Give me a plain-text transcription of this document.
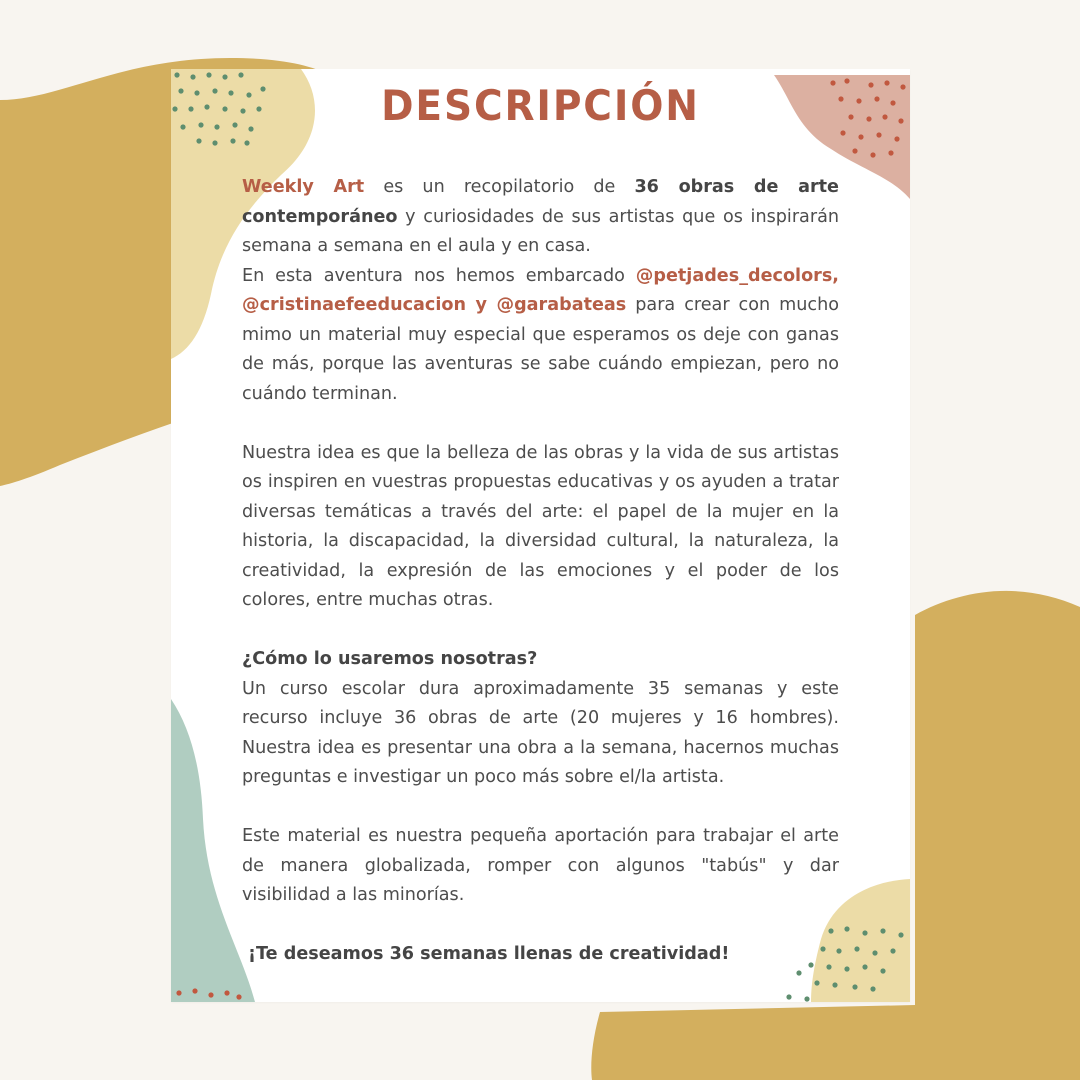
DESCRIPCIÓN

Weekly Art es un recopilatorio de 36 obras de arte contemporáneo y curiosidades de sus artistas que os inspirarán semana a semana en el aula y en casa.

En esta aventura nos hemos embarcado @petjades_decolors, @cristinaefeeducacion y @garabateas para crear con mucho mimo un material muy especial que esperamos os deje con ganas de más, porque las aventuras se sabe cuándo empiezan, pero no cuándo terminan.

Nuestra idea es que la belleza de las obras y la vida de sus artistas os inspiren en vuestras propuestas educativas y os ayuden a tratar diversas temáticas a través del arte: el papel de la mujer en la historia, la discapacidad, la diversidad cultural, la naturaleza, la creatividad, la expresión de las emociones y el poder de los colores, entre muchas otras.

¿Cómo lo usaremos nosotras?

Un curso escolar dura aproximadamente 35 semanas y este recurso incluye 36 obras de arte (20 mujeres y 16 hombres). Nuestra idea es presentar una obra a la semana, hacernos muchas preguntas e investigar un poco más sobre el/la artista.

Este material es nuestra pequeña aportación para trabajar el arte de manera globalizada, romper con algunos "tabús" y dar visibilidad a las minorías.

¡Te deseamos 36 semanas llenas de creatividad!
